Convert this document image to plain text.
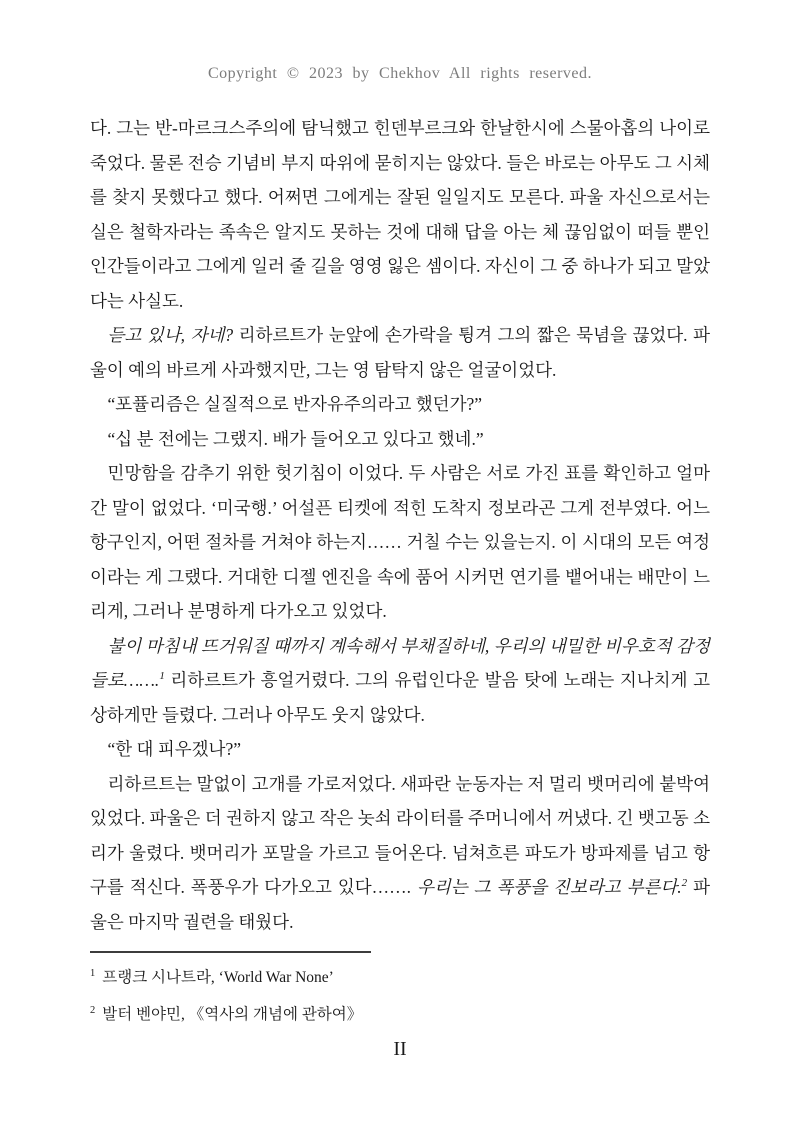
Copyright © 2023 by Chekhov All rights reserved.

다. 그는 반-마르크스주의에 탐닉했고 힌덴부르크와 한날한시에 스물아홉의 나이로 죽었다. 물론 전승 기념비 부지 따위에 묻히지는 않았다. 들은 바로는 아무도 그 시체를 찾지 못했다고 했다. 어쩌면 그에게는 잘된 일일지도 모른다. 파울 자신으로서는 실은 철학자라는 족속은 알지도 못하는 것에 대해 답을 아는 체 끊임없이 떠들 뿐인 인간들이라고 그에게 일러 줄 길을 영영 잃은 셈이다. 자신이 그 중 하나가 되고 말았다는 사실도.

듣고 있나, 자네? 리하르트가 눈앞에 손가락을 튕겨 그의 짧은 묵념을 끊었다. 파울이 예의 바르게 사과했지만, 그는 영 탐탁지 않은 얼굴이었다.

“포퓰리즘은 실질적으로 반자유주의라고 했던가?”

“십 분 전에는 그랬지. 배가 들어오고 있다고 했네.”

민망함을 감추기 위한 헛기침이 이었다. 두 사람은 서로 가진 표를 확인하고 얼마간 말이 없었다. ‘미국행.’ 어설픈 티켓에 적힌 도착지 정보라곤 그게 전부였다. 어느 항구인지, 어떤 절차를 거쳐야 하는지…… 거칠 수는 있을는지. 이 시대의 모든 여정이라는 게 그랬다. 거대한 디젤 엔진을 속에 품어 시커먼 연기를 뱉어내는 배만이 느리게, 그러나 분명하게 다가오고 있었다.

불이 마침내 뜨거워질 때까지 계속해서 부채질하네, 우리의 내밀한 비우호적 감정들로…….$^1$ 리하르트가 흥얼거렸다. 그의 유럽인다운 발음 탓에 노래는 지나치게 고상하게만 들렸다. 그러나 아무도 웃지 않았다.

“한 대 피우겠나?”

리하르트는 말없이 고개를 가로저었다. 새파란 눈동자는 저 멀리 뱃머리에 붙박여 있었다. 파울은 더 권하지 않고 작은 놋쇠 라이터를 주머니에서 꺼냈다. 긴 뱃고동 소리가 울렸다. 뱃머리가 포말을 가르고 들어온다. 넘쳐흐른 파도가 방파제를 넘고 항구를 적신다. 폭풍우가 다가오고 있다……. 우리는 그 폭풍을 진보라고 부른다.$^2$ 파울은 마지막 궐련을 태웠다.

$^1$ 프랭크 시나트라, ‘World War None’
$^2$ 발터 벤야민, 《역사의 개념에 관하여》
II
